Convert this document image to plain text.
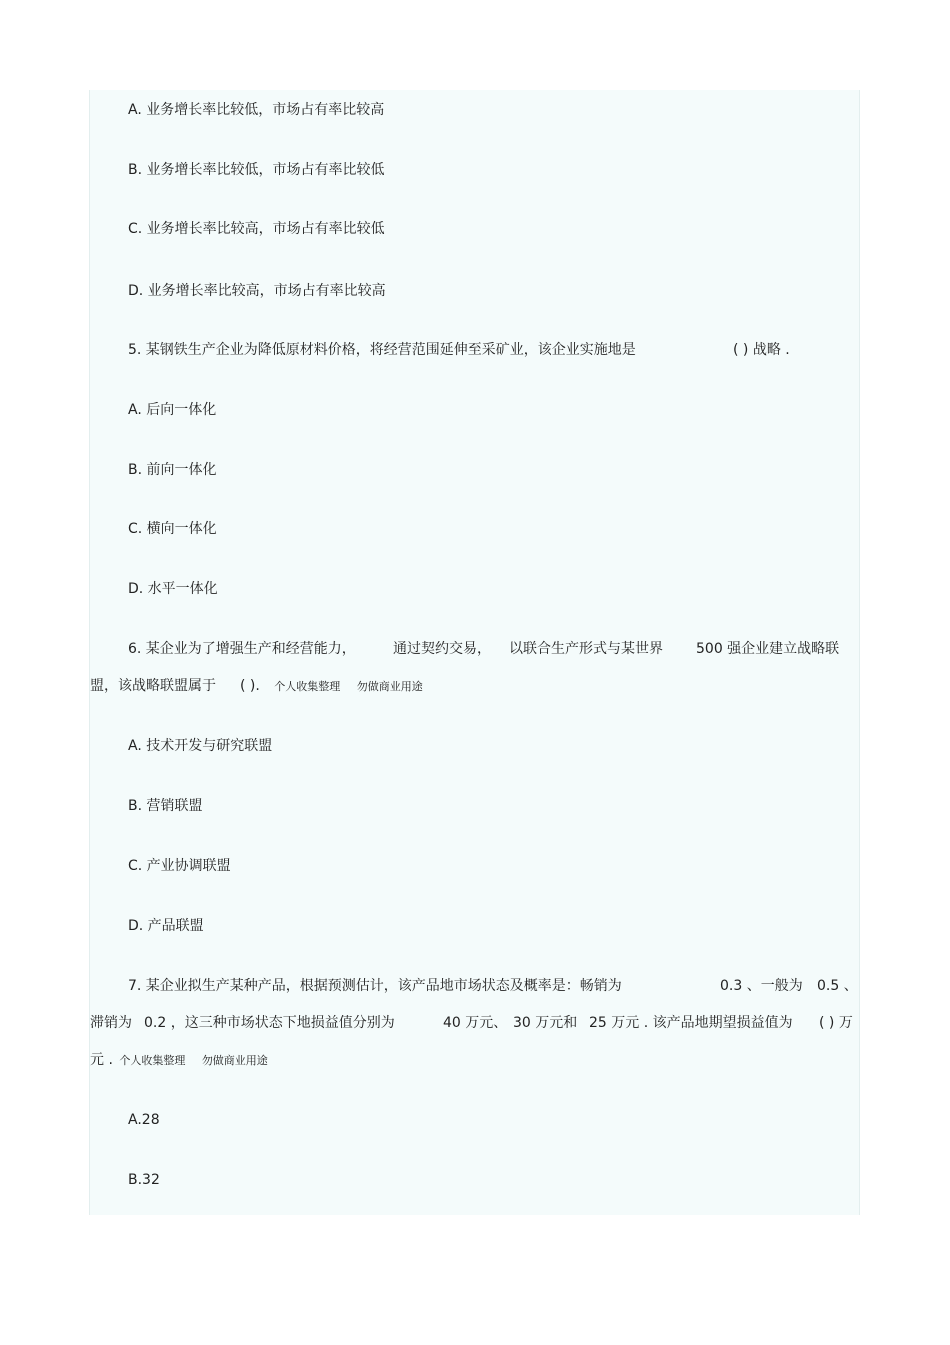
A. 业务增长率比较低，市场占有率比较高
B. 业务增长率比较低，市场占有率比较低
C. 业务增长率比较高，市场占有率比较低
D. 业务增长率比较高，市场占有率比较高
5. 某钢铁生产企业为降低原材料价格，将经营范围延伸至采矿业，该企业实施地是	( ) 战略 .
A. 后向一体化
B. 前向一体化
C. 横向一体化
D. 水平一体化
6. 某企业为了增强生产和经营能力，	通过契约交易， 以联合生产形式与某世界 500 强企业建立战略联
盟，该战略联盟属于 ( ). 个人收集整理 勿做商业用途
A. 技术开发与研究联盟
B. 营销联盟
C. 产业协调联盟
D. 产品联盟
7. 某企业拟生产某种产品，根据预测估计，该产品地市场状态及概率是：畅销为	0.3 、一般为 0.5 、
滞销为 0.2 ，这三种市场状态下地损益值分别为	40 万元、 30 万元和 25 万元 . 该产品地期望损益值为 ( ) 万
元 . 个人收集整理 勿做商业用途
A.28
B.32
